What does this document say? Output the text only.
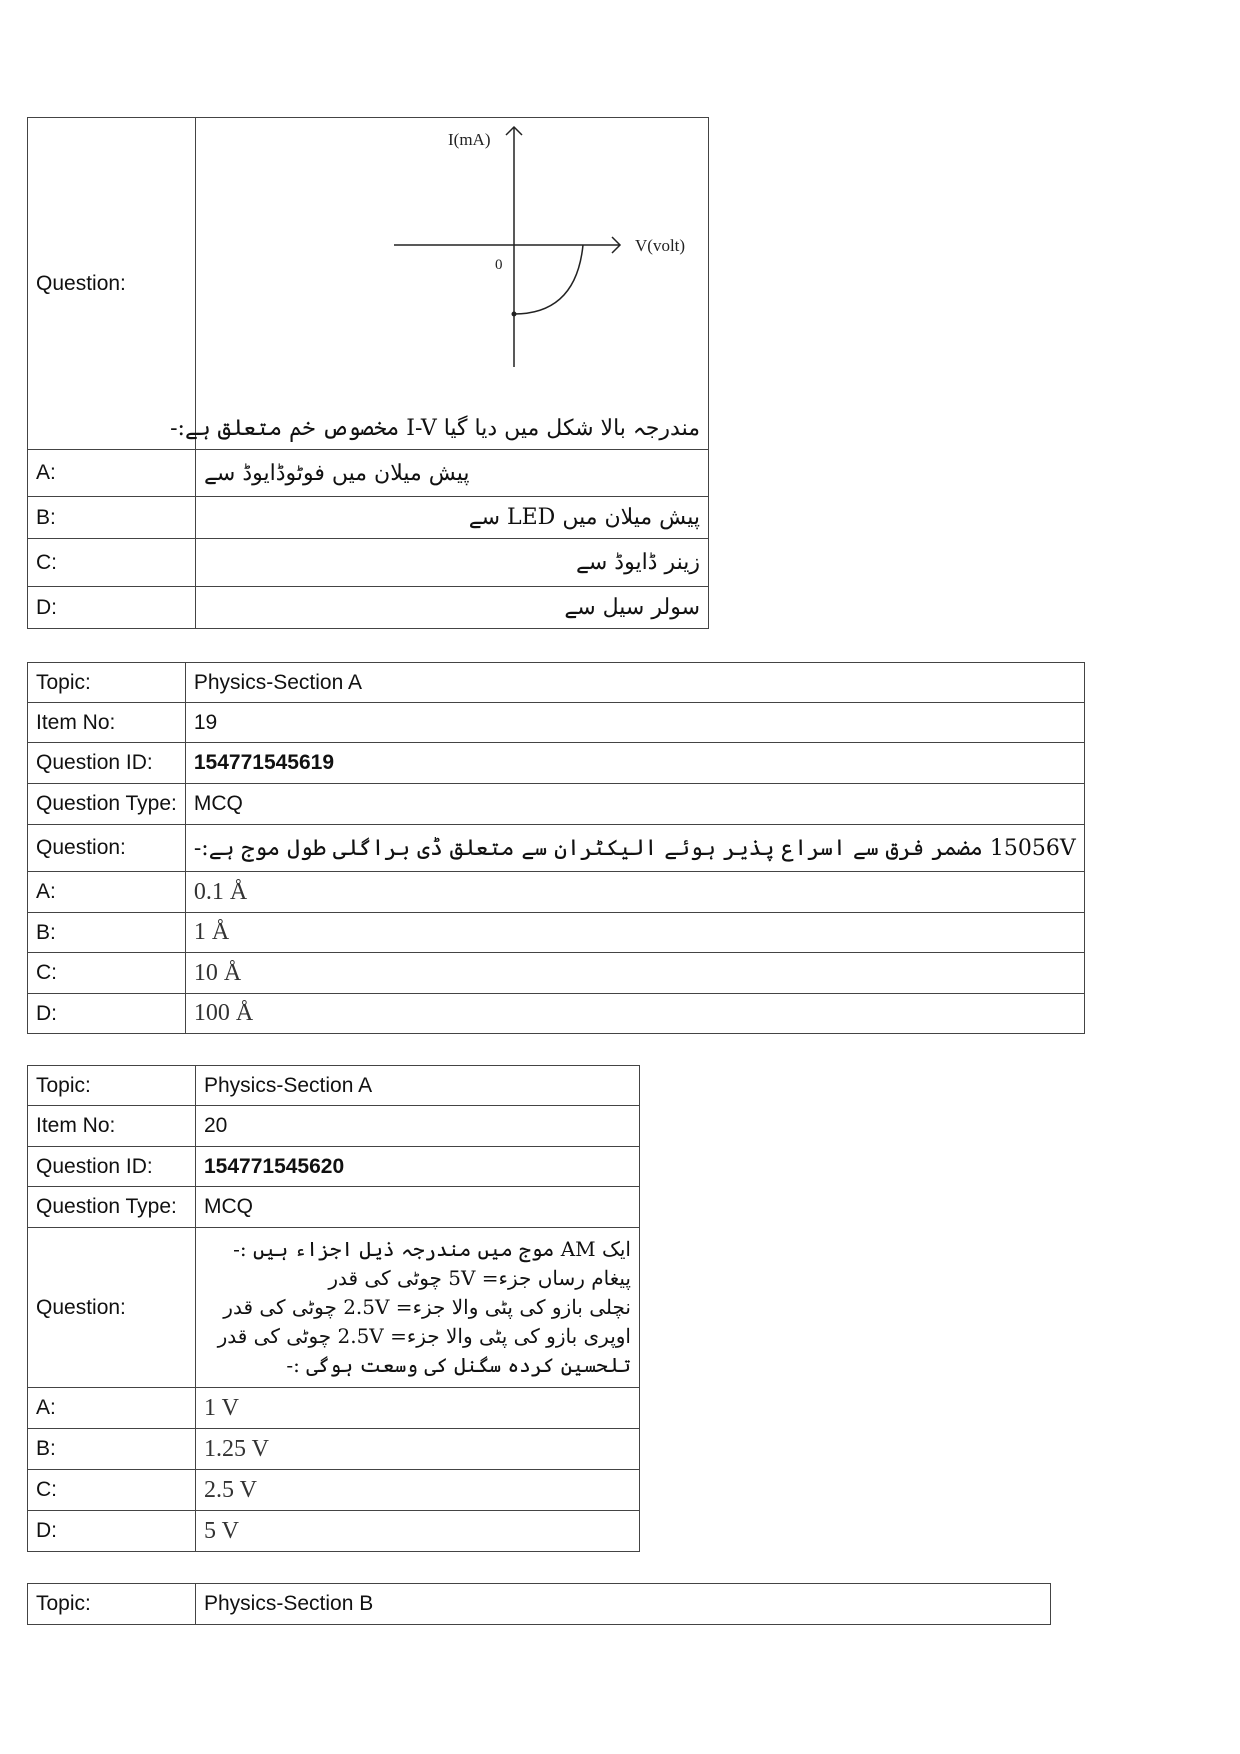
Question:	I(mA)
V(volt)
0
مندرجہ بالا شکل میں دیا گیا I-V مخصوص خم متعلق ہے:-

A:	پیش میلان میں فوٹوڈایوڈ سے
B:	پیش میلان میں LED سے
C:	زینر ڈایوڈ سے
D:	سولر سیل سے
Topic:	Physics-Section A
Item No:	19
Question ID:	154771545619
Question Type:	MCQ
Question:	15056V مضمر فرق سے اسراع پذیر ہوئے الیکٹران سے متعلق ڈی براگلی طول موج ہے:-
A:	0.1 Å
B:	1 Å
C:	10 Å
D:	100 Å
Topic:	Physics-Section A
Item No:	20
Question ID:	154771545620
Question Type:	MCQ
Question:	ایک AM موج میں مندرجہ ذیل اجزاء ہیں :-
پیغام رساں جزء= 5V چوٹی کی قدر
نچلی بازو کی پٹی والا جزء= 2.5V چوٹی کی قدر
اوپری بازو کی پٹی والا جزء= 2.5V چوٹی کی قدر
تلحسین کردہ سگنل کی وسعت ہوگی :-

A:	1 V
B:	1.25 V
C:	2.5 V
D:	5 V
Topic:	Physics-Section B
